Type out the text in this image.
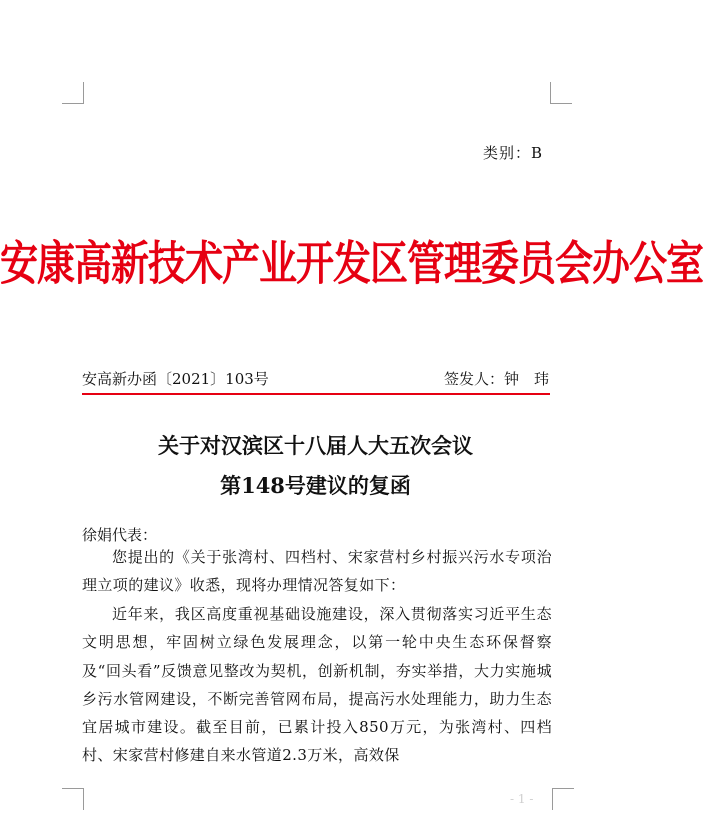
类别：B
安康高新技术产业开发区管理委员会办公室
安高新办函〔2021〕103号	签发人：钟　玮
关于对汉滨区十八届人大五次会议
第148号建议的复函
徐娟代表：

您提出的《关于张湾村、四档村、宋家营村乡村振兴污水专项治理立项的建议》收悉，现将办理情况答复如下：

近年来，我区高度重视基础设施建设，深入贯彻落实习近平生态文明思想，牢固树立绿色发展理念，以第一轮中央生态环保督察及“回头看”反馈意见整改为契机，创新机制，夯实举措，大力实施城乡污水管网建设，不断完善管网布局，提高污水处理能力，助力生态宜居城市建设。截至目前，已累计投入850万元，为张湾村、四档村、宋家营村修建自来水管道2.3万米，高效保

- 1 -
